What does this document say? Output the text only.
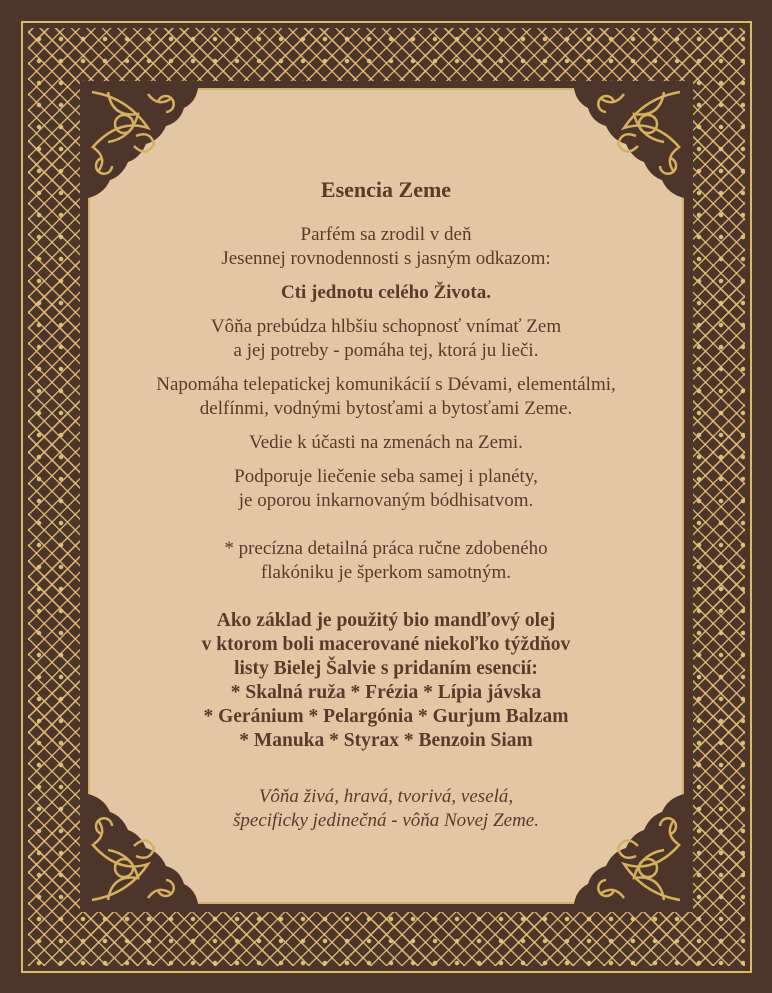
Esencia Zeme
Parfém sa zrodil v deň
Jesennej rovnodennosti s jasným odkazom:
Cti jednotu celého Života.
Vôňa prebúdza hlbšiu schopnosť vnímať Zem
a jej potreby - pomáha tej, ktorá ju lieči.
Napomáha telepatickej komunikácií s Dévami, elementálmi,
delfínmi, vodnými bytosťami a bytosťami Zeme.
Vedie k účasti na zmenách na Zemi.
Podporuje liečenie seba samej i planéty,
je oporou inkarnovaným bódhisatvom.
* precízna detailná práca ručne zdobeného
flakóniku je šperkom samotným.
Ako základ je použitý bio mandľový olej
v ktorom boli macerované niekoľko týždňov
listy Bielej Šalvie s pridaním esencií:
* Skalná ruža * Frézia * Lípia jávska
* Geránium * Pelargónia * Gurjum Balzam
* Manuka * Styrax * Benzoin Siam
Vôňa živá, hravá, tvorivá, veselá,
špecificky jedinečná - vôňa Novej Zeme.
